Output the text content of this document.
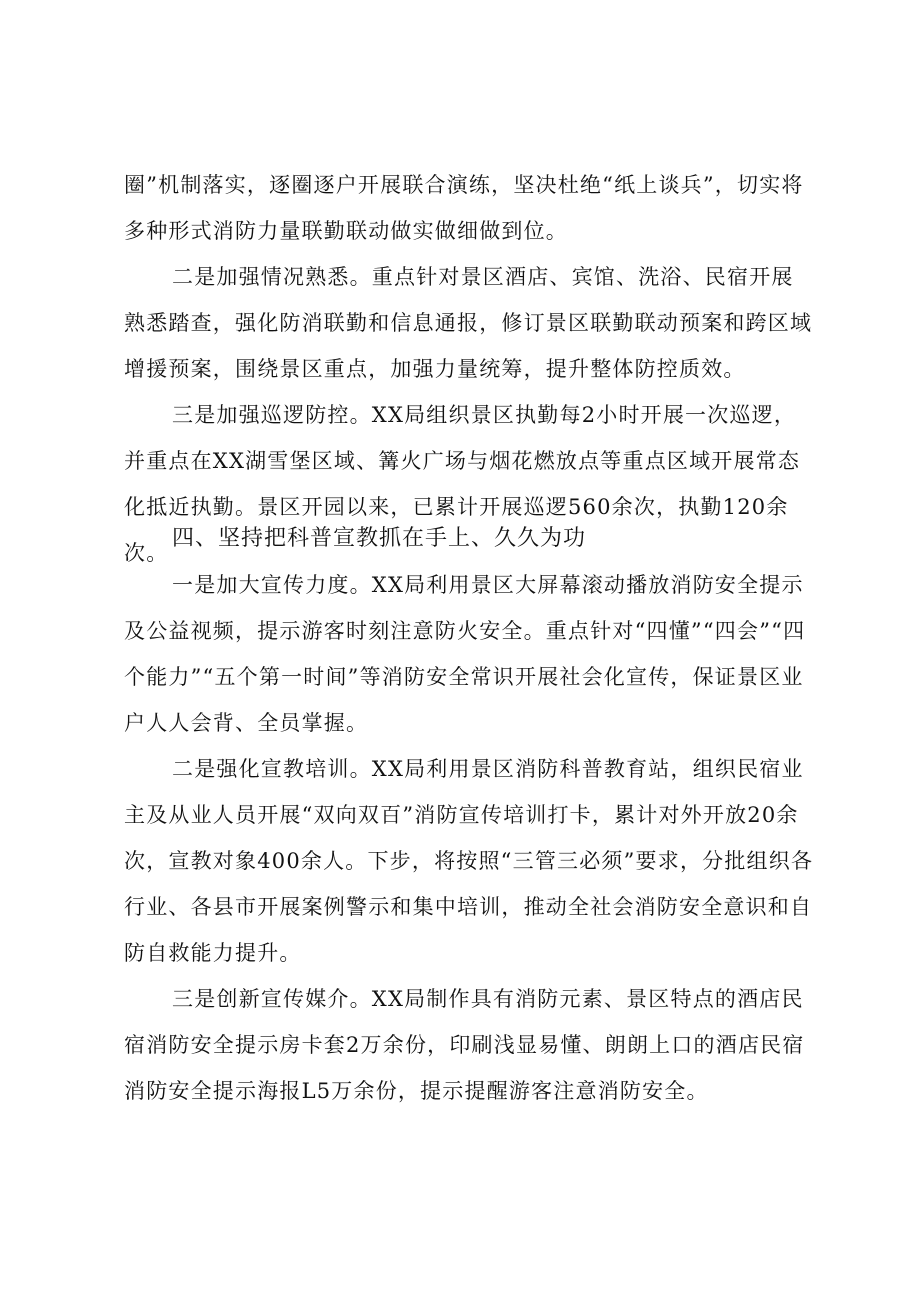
圈”机制落实，逐圈逐户开展联合演练，坚决杜绝“纸上谈兵”，切实将多种形式消防力量联勤联动做实做细做到位。

二是加强情况熟悉。重点针对景区酒店、宾馆、洗浴、民宿开展熟悉踏查，强化防消联勤和信息通报，修订景区联勤联动预案和跨区域增援预案，围绕景区重点，加强力量统筹，提升整体防控质效。

三是加强巡逻防控。XX局组织景区执勤每2小时开展一次巡逻，并重点在XX湖雪堡区域、篝火广场与烟花燃放点等重点区域开展常态化抵近执勤。景区开园以来，已累计开展巡逻560余次，执勤120余次。

四、坚持把科普宣教抓在手上、久久为功

一是加大宣传力度。XX局利用景区大屏幕滚动播放消防安全提示及公益视频，提示游客时刻注意防火安全。重点针对“四懂”“四会”“四个能力”“五个第一时间”等消防安全常识开展社会化宣传，保证景区业户人人会背、全员掌握。

二是强化宣教培训。XX局利用景区消防科普教育站，组织民宿业主及从业人员开展“双向双百”消防宣传培训打卡，累计对外开放20余次，宣教对象400余人。下步，将按照“三管三必须”要求，分批组织各行业、各县市开展案例警示和集中培训，推动全社会消防安全意识和自防自救能力提升。

三是创新宣传媒介。XX局制作具有消防元素、景区特点的酒店民宿消防安全提示房卡套2万余份，印刷浅显易懂、朗朗上口的酒店民宿消防安全提示海报L5万余份，提示提醒游客注意消防安全。
